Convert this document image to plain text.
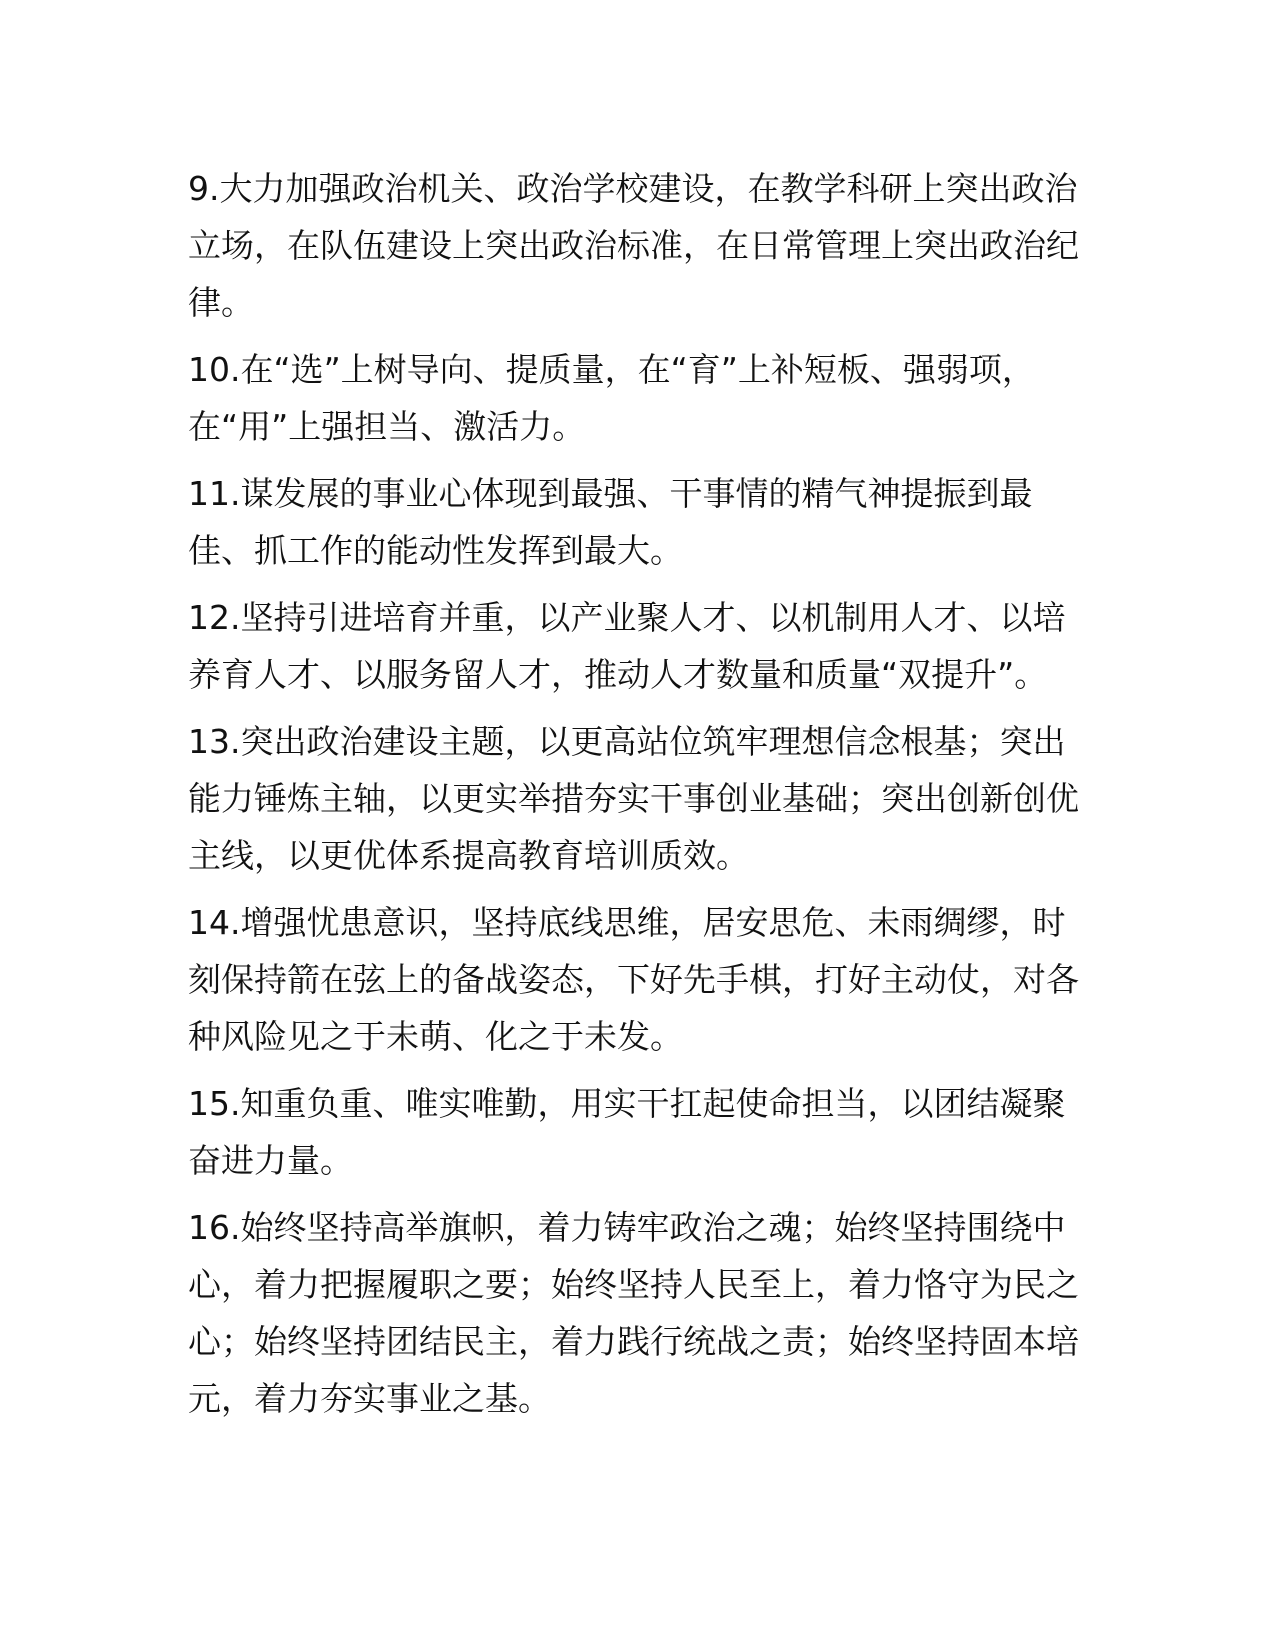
9.大力加强政治机关、政治学校建设，在教学科研上突出政治
立场，在队伍建设上突出政治标准，在日常管理上突出政治纪
律。
10.在“选”上树导向、提质量，在“育”上补短板、强弱项，
在“用”上强担当、激活力。
11.谋发展的事业心体现到最强、干事情的精气神提振到最
佳、抓工作的能动性发挥到最大。
12.坚持引进培育并重，以产业聚人才、以机制用人才、以培
养育人才、以服务留人才，推动人才数量和质量“双提升”。
13.突出政治建设主题，以更高站位筑牢理想信念根基；突出
能力锤炼主轴，以更实举措夯实干事创业基础；突出创新创优
主线，以更优体系提高教育培训质效。
14.增强忧患意识，坚持底线思维，居安思危、未雨绸缪，时
刻保持箭在弦上的备战姿态，下好先手棋，打好主动仗，对各
种风险见之于未萌、化之于未发。
15.知重负重、唯实唯勤，用实干扛起使命担当，以团结凝聚
奋进力量。
16.始终坚持高举旗帜，着力铸牢政治之魂；始终坚持围绕中
心，着力把握履职之要；始终坚持人民至上，着力恪守为民之
心；始终坚持团结民主，着力践行统战之责；始终坚持固本培
元，着力夯实事业之基。
